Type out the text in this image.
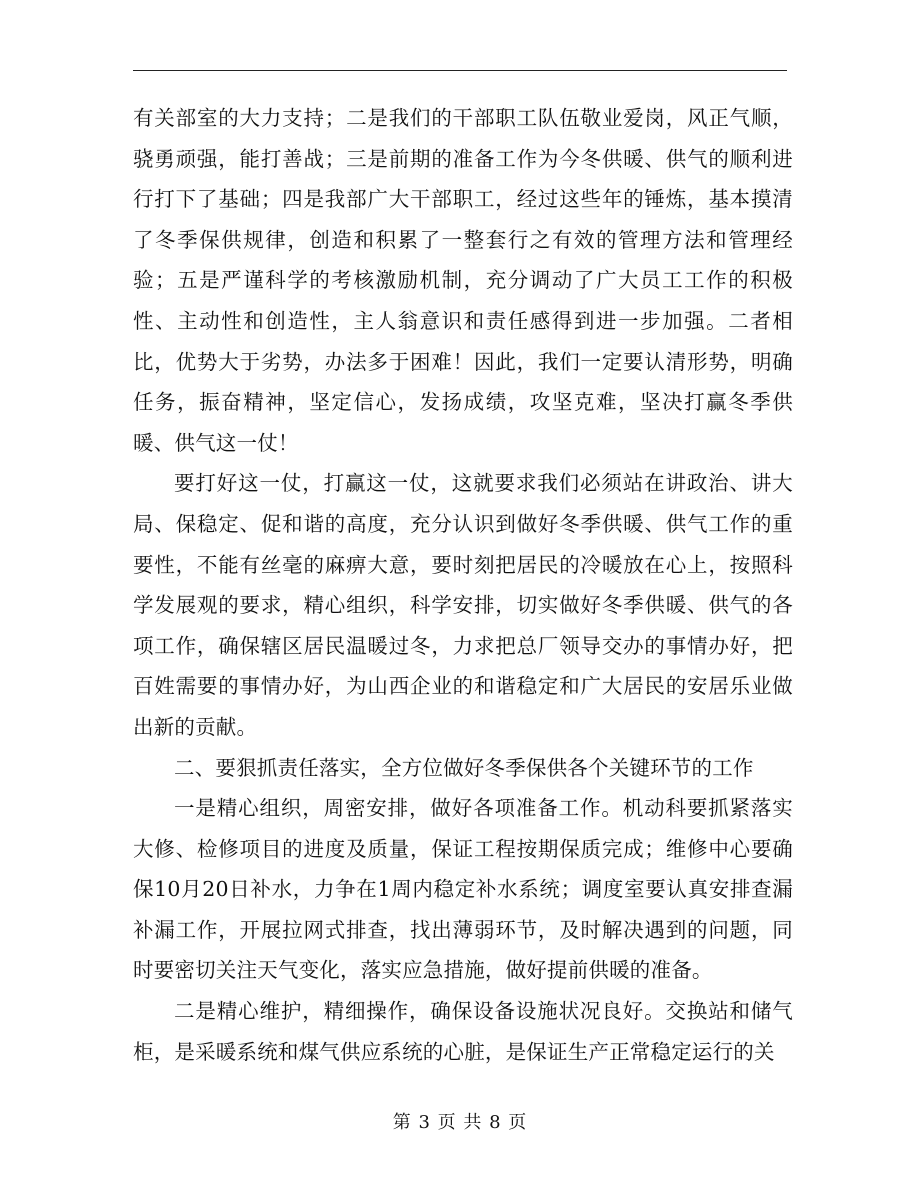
有关部室的大力支持；二是我们的干部职工队伍敬业爱岗，风正气顺，骁勇顽强，能打善战；三是前期的准备工作为今冬供暖、供气的顺利进行打下了基础；四是我部广大干部职工，经过这些年的锤炼，基本摸清了冬季保供规律，创造和积累了一整套行之有效的管理方法和管理经验；五是严谨科学的考核激励机制，充分调动了广大员工工作的积极性、主动性和创造性，主人翁意识和责任感得到进一步加强。二者相比，优势大于劣势，办法多于困难！因此，我们一定要认清形势，明确任务，振奋精神，坚定信心，发扬成绩，攻坚克难，坚决打赢冬季供暖、供气这一仗！

要打好这一仗，打赢这一仗，这就要求我们必须站在讲政治、讲大局、保稳定、促和谐的高度，充分认识到做好冬季供暖、供气工作的重要性，不能有丝毫的麻痹大意，要时刻把居民的冷暖放在心上，按照科学发展观的要求，精心组织，科学安排，切实做好冬季供暖、供气的各项工作，确保辖区居民温暖过冬，力求把总厂领导交办的事情办好，把百姓需要的事情办好，为山西企业的和谐稳定和广大居民的安居乐业做出新的贡献。

二、要狠抓责任落实，全方位做好冬季保供各个关键环节的工作

一是精心组织，周密安排，做好各项准备工作。机动科要抓紧落实大修、检修项目的进度及质量，保证工程按期保质完成；维修中心要确保10月20日补水，力争在1周内稳定补水系统；调度室要认真安排查漏补漏工作，开展拉网式排查，找出薄弱环节，及时解决遇到的问题，同时要密切关注天气变化，落实应急措施，做好提前供暖的准备。

二是精心维护，精细操作，确保设备设施状况良好。交换站和储气柜，是采暖系统和煤气供应系统的心脏，是保证生产正常稳定运行的关

第 3 页 共 8 页
